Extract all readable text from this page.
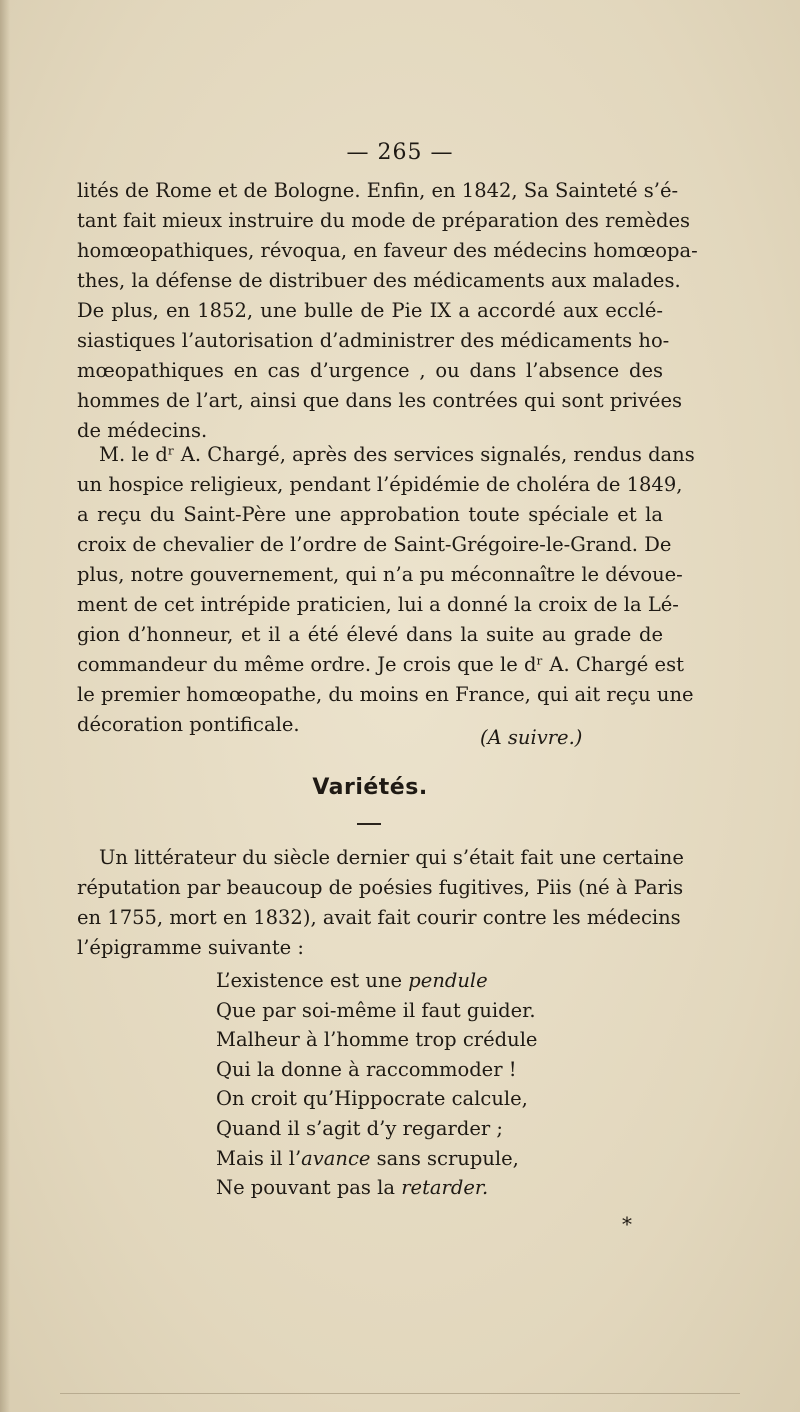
— 265 —
lités de Rome et de Bologne. Enfin, en 1842, Sa Sainteté s’é-
tant fait mieux instruire du mode de préparation des remèdes
homœopathiques, révoqua, en faveur des médecins homœopa-
thes, la défense de distribuer des médicaments aux malades.
De plus, en 1852, une bulle de Pie IX a accordé aux ecclé-
siastiques l’autorisation d’administrer des médicaments ho-
mœopathiques en cas d’urgence , ou dans l’absence des
hommes de l’art, ainsi que dans les contrées qui sont privées
de médecins.
M. le dʳ A. Chargé, après des services signalés, rendus dans
un hospice religieux, pendant l’épidémie de choléra de 1849,
a reçu du Saint-Père une approbation toute spéciale et la
croix de chevalier de l’ordre de Saint-Grégoire-le-Grand. De
plus, notre gouvernement, qui n’a pu méconnaître le dévoue-
ment de cet intrépide praticien, lui a donné la croix de la Lé-
gion d’honneur, et il a été élevé dans la suite au grade de
commandeur du même ordre. Je crois que le dʳ A. Chargé est
le premier homœopathe, du moins en France, qui ait reçu une
décoration pontificale.
(A suivre.)
Variétés.
Un littérateur du siècle dernier qui s’était fait une certaine
réputation par beaucoup de poésies fugitives, Piis (né à Paris
en 1755, mort en 1832), avait fait courir contre les médecins
l’épigramme suivante :
L’existence est une pendule
Que par soi-même il faut guider.
Malheur à l’homme trop crédule
Qui la donne à raccommoder !
On croit qu’Hippocrate calcule,
Quand il s’agit d’y regarder ;
Mais il l’avance sans scrupule,
Ne pouvant pas la retarder.
*
